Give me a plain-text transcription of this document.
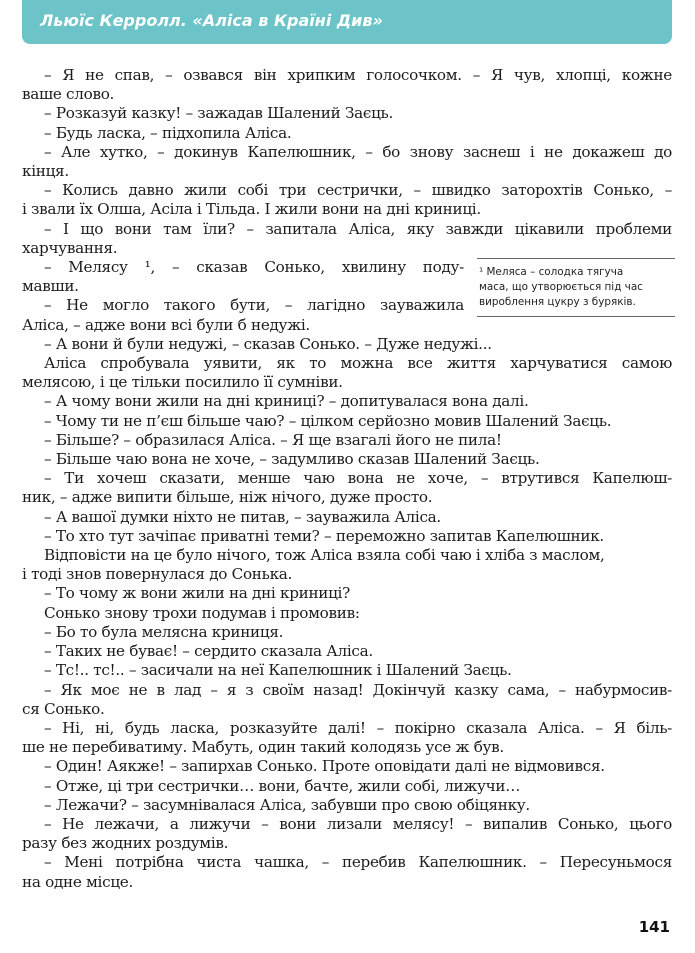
Льюїс Керролл. «Аліса в Країні Див»
– Я не спав, – озвався він хрипким голосочком. – Я чув, хлопці, кожне
ваше слово.
– Розказуй казку! – зажадав Шалений Заєць.
– Будь ласка, – підхопила Аліса.
– Але хутко, – докинув Капелюшник, – бо знову заснеш і не докажеш до
кінця.
– Колись давно жили собі три сестрички, – швидко заторохтів Сонько, –
і звали їх Олша, Асіла і Тільда. І жили вони на дні криниці.
– І що вони там їли? – запитала Аліса, яку завжди цікавили проблеми
харчування.
– Мелясу ¹, – сказав Сонько, хвилину поду-
мавши.
– Не могло такого бути, – лагідно зауважила
Аліса, – адже вони всі були б недужі.
– А вони й були недужі, – сказав Сонько. – Дуже недужі...
Аліса спробувала уявити, як то можна все життя харчуватися самою
мелясою, і це тільки посилило її сумніви.
– А чому вони жили на дні криниці? – допитувалася вона далі.
– Чому ти не п’єш більше чаю? – цілком серйозно мовив Шалений Заєць.
– Більше? – образилася Аліса. – Я ще взагалі його не пила!
– Більше чаю вона не хоче, – задумливо сказав Шалений Заєць.
– Ти хочеш сказати, менше чаю вона не хоче, – втрутився Капелюш-
ник, – адже випити більше, ніж нічого, дуже просто.
– А вашої думки ніхто не питав, – зауважила Аліса.
– То хто тут зачіпає приватні теми? – переможно запитав Капелюшник.
Відповісти на це було нічого, тож Аліса взяла собі чаю і хліба з маслом,
і тоді знов повернулася до Сонька.
– То чому ж вони жили на дні криниці?
Сонько знову трохи подумав і промовив:
– Бо то була мелясна криниця.
– Таких не буває! – сердито сказала Аліса.
– Тс!.. тс!.. – засичали на неї Капелюшник і Шалений Заєць.
– Як моє не в лад – я з своїм назад! Докінчуй казку сама, – набурмосив-
ся Сонько.
– Ні, ні, будь ласка, розказуйте далі! – покірно сказала Аліса. – Я біль-
ше не перебиватиму. Мабуть, один такий колодязь усе ж був.
– Один! Аякже! – запирхав Сонько. Проте оповідати далі не відмовився.
– Отже, ці три сестрички… вони, бачте, жили собі, лижучи…
– Лежачи? – засумнівалася Аліса, забувши про свою обіцянку.
– Не лежачи, а лижучи – вони лизали мелясу! – випалив Сонько, цього
разу без жодних роздумів.
– Мені потрібна чиста чашка, – перебив Капелюшник. – Пересуньмося
на одне місце.
¹ Меляса – солодка тягуча
маса, що утворюється під час
вироблення цукру з буряків.
141
